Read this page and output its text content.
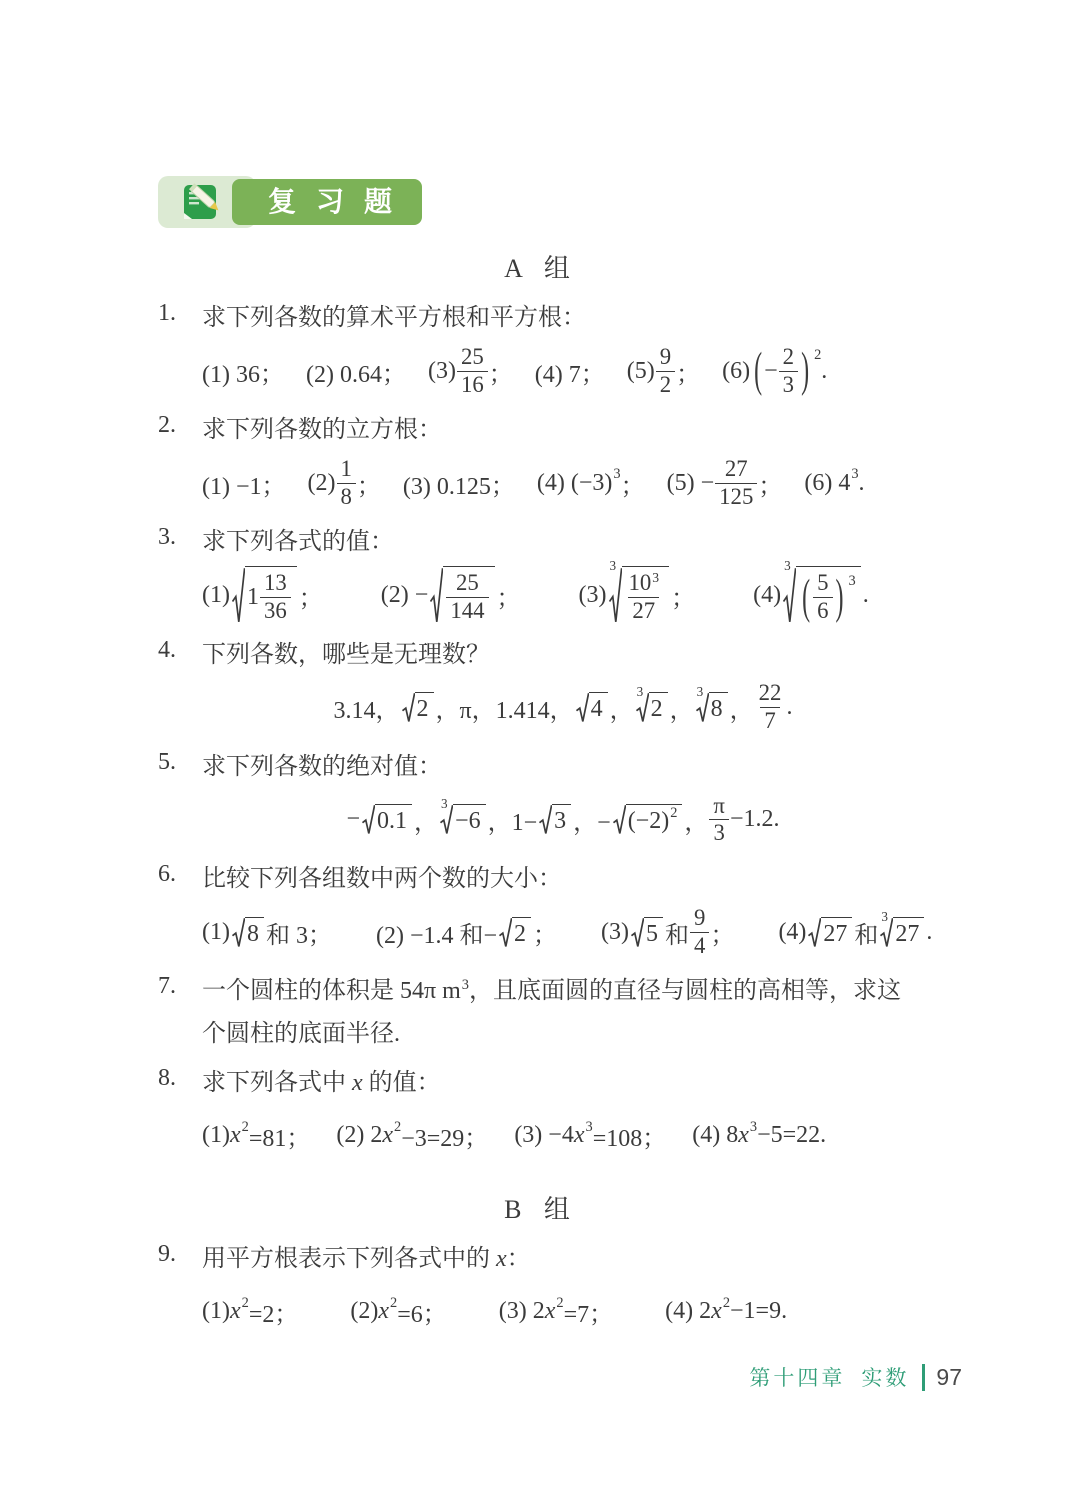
复习题
A 组
1.	求下列各数的算术平方根和平方根：
(1) 36； (2) 0.64； $(3) \frac{25}{16}$ ； (4) 7； $(5) \frac{9}{2}$ ； (6) ( − $\frac{2}{3}$ ) 2
.
2.	求下列各数的立方根：
(1) −1； $(2) \frac{1}{8}$ ； (3) 0.125； (4) (−3) 3 ； $(5) - \frac{27}{125}$ ； (6) 4 3 .
3.	求下列各式的值：
(1) $1 \frac{13}{36}$ ； $(2) - \frac{25}{144}$ ； (3)
3
$\frac{10^3}{27}$ ； (4)
3
( $\frac{5}{6}$ ) 3
.
4.	下列各数，哪些是无理数？
3.14， 2 ，π，1.414， 4 ，
3
2 ，
3
8 ， $\frac{22}{7}$ .
5.	求下列各数的绝对值：
− 0.1 ，
3
−6 ，1− 3 ，− (−2) 2 ， $\frac{\pi}{3} -1.2$.
6.	比较下列各组数中两个数的大小：
(1) 8 和 3； (2) −1.4 和− 2 ； (3) 5 和 $\frac{9}{4}$ ； (4) 27 和
3
27 .
7.	一个圆柱的体积是 54π $m^3$，且底面圆的直径与圆柱的高相等，求这个圆柱的底面半径.
8.	求下列各式中 x 的值：
(1) x 2 =81； (2) 2 x 2 −3=29； (3) −4 x 3 =108； (4) 8 x 3 −5=22.
B 组
9.	用平方根表示下列各式中的 x：
(1) x 2 =2； (2) x 2 =6； (3) 2 x 2 =7； (4) 2 x 2 −1=9.
第十四章 实数 97
